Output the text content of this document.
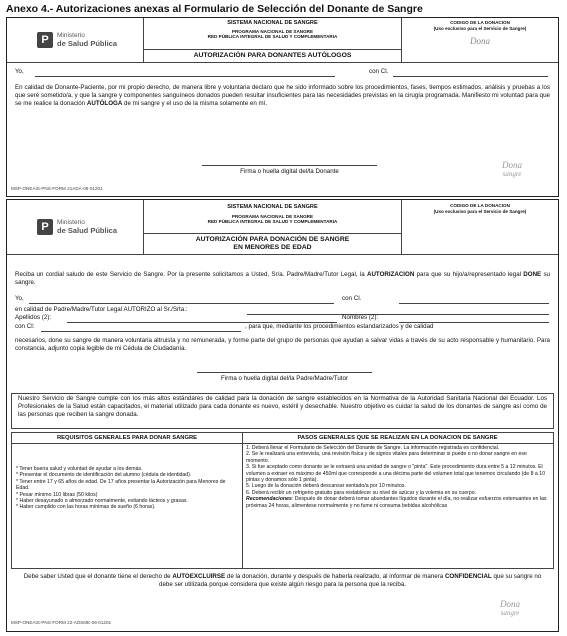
Anexo 4.- Autorizaciones anexas al Formulario de Selección del Donante de Sangre
P	Ministerio
de Salud Pública
SISTEMA NACIONAL DE SANGRE
PROGRAMA NACIONAL DE SANGRE
RED PÚBLICA INTEGRAL DE SALUD Y COMPLEMENTARIA
AUTORIZACIÓN PARA DONANTES AUTÓLOGOS
CODIGO DE LA DONACION
(Uso exclusivo para el Servicio de Sangre)
Dona
Yo,	con CI.
En calidad de Donante-Paciente, por mi propio derecho, de manera libre y voluntaria declaro que he sido informado sobre los procedimientos, fases, tiempos estimados, análisis y pruebas a los que seré sometido/a, y que la sangre y componentes sanguíneos donados pueden resultar insuficientes para las necesidades previstas en la cirugía programada. Manifiesto mi voluntad para que se me realice la donación AUTÓLOGA de mi sangre y el uso de la misma solamente en mí.
Firma o huella digital del/la Donante
Dona
sangre
MSP-ONEAIS-PNS-FORM 21ADA-06-01201
P	Ministerio
de Salud Pública
SISTEMA NACIONAL DE SANGRE
PROGRAMA NACIONAL DE SANGRE
RED PÚBLICA INTEGRAL DE SALUD Y COMPLEMENTARIA
AUTORIZACIÓN PARA DONACIÓN DE SANGRE
EN MENORES DE EDAD
CODIGO DE LA DONACION
(Uso exclusivo para el Servicio de Sangre)
Reciba un cordial saludo de este Servicio de Sangre. Por la presente solicitamos a Usted, Sr/a. Padre/Madre/Tutor Legal, la AUTORIZACION para que su hijo/a/representado legal DONE su sangre.
Yo,	con CI.
en calidad de Padre/Madre/Tutor Legal AUTORIZO al Sr./Srta.:
Apellidos (2):	Nombres (2):
con CI:	, para que, mediante los procedimientos estandarizados y de calidad
necesarios, done su sangre de manera voluntaria altruista y no remunerada, y forme parte del grupo de personas que ayudan a salvar vidas a través de su acto responsable y humanitario. Para constancia, adjunto copia legible de mi Cédula de Ciudadanía.
Firma o huella digital del/la Padre/Madre/Tutor
Nuestro Servicio de Sangre cumple con los más altos estándares de calidad para la donación de sangre establecidos en la Normativa de la Autoridad Sanitaria Nacional del Ecuador. Los Profesionales de la Salud están capacitados, el material utilizado para cada donante es nuevo, estéril y desechable. Nuestro objetivo es cuidar la salud de los donantes de sangre así como de las personas que reciben la sangre donada.
REQUISITOS GENERALES PARA DONAR SANGRE
* Tener buena salud y voluntad de ayudar a los demás.
* Presentar el documento de identificación del alumno (cédula de identidad).
* Tener entre 17 y 65 años de edad. De 17 años presentar la Autorización para Menores de Edad.
* Pesar mínimo 110 libras (50 kilos)
* Haber desayunado o almorzado normalmente, evitando lácteos y grasas.
* Haber cumplido con las horas mínimas de sueño (6 horas).
PASOS GENERALES QUE SE REALIZAN EN LA DONACION DE SANGRE
1. Deberá llenar el Formulario de Selección del Donante de Sangre. La información registrada es confidencial.
2. Se le realizará una entrevista, una revisión física y de signos vitales para determinar si puede o no donar sangre en ese momento.
3. Si fue aceptado como donante se le extraerá una unidad de sangre o "pinta". Este procedimiento dura entre 5 a 12 minutos. El volumen a extraer es máximo de 450ml que corresponde a una décima parte del volumen total que tenemos circulando (de 8 a 10 pintas y donamos sólo 1 pinta).
5. Luego de la donación deberá descansar sentado/a por 10 minutos.
6. Deberá recibir un refrigerio gratuito para restablecer su nivel de azúcar y la volemia en su cuerpo.
Recomendaciones: Después de donar deberá tomar abundantes líquidos durante el día, no realizar esfuerzos extenuantes en las próximas 24 horas, alimentese normalmente y no fume ni consuma bebidas alcohólicas
Debe saber Usted que el donante tiene el derecho de AUTOEXCLUIRSE de la donación, durante y después de haberla realizado, al informar de manera CONFIDENCIAL que su sangre no debe ser utilizada porque considera que existe algún riesgo para la persona que la reciba.
Dona
sangre
MSP-ONEAIS-PNS-FORM 22-ADSME-06-01201
